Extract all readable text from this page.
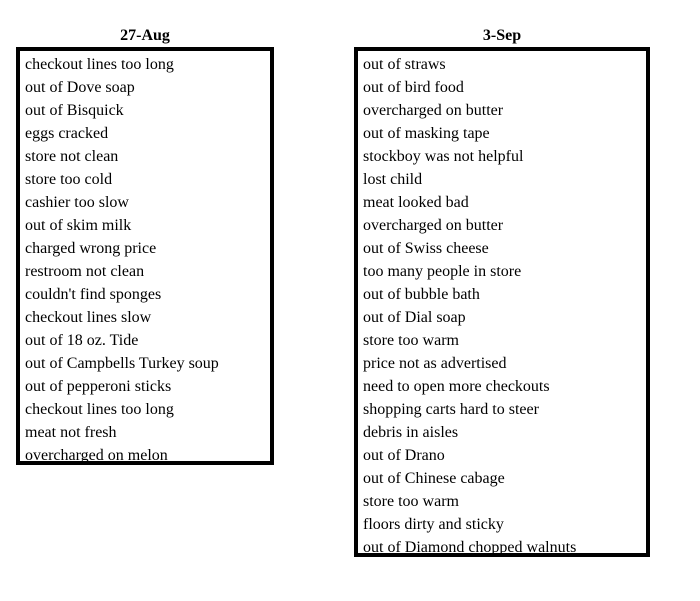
27-Aug	3-Sep
checkout lines too long
out of Dove soap
out of Bisquick
eggs cracked
store not clean
store too cold
cashier too slow
out of skim milk
charged wrong price
restroom not clean
couldn't find sponges
checkout lines slow
out of 18 oz. Tide
out of Campbells Turkey soup
out of pepperoni sticks
checkout lines too long
meat not fresh
overcharged on melon
out of straws
out of bird food
overcharged on butter
out of masking tape
stockboy was not helpful
lost child
meat looked bad
overcharged on butter
out of Swiss cheese
too many people in store
out of bubble bath
out of Dial soap
store too warm
price not as advertised
need to open more checkouts
shopping carts hard to steer
debris in aisles
out of Drano
out of Chinese cabage
store too warm
floors dirty and sticky
out of Diamond chopped walnuts
